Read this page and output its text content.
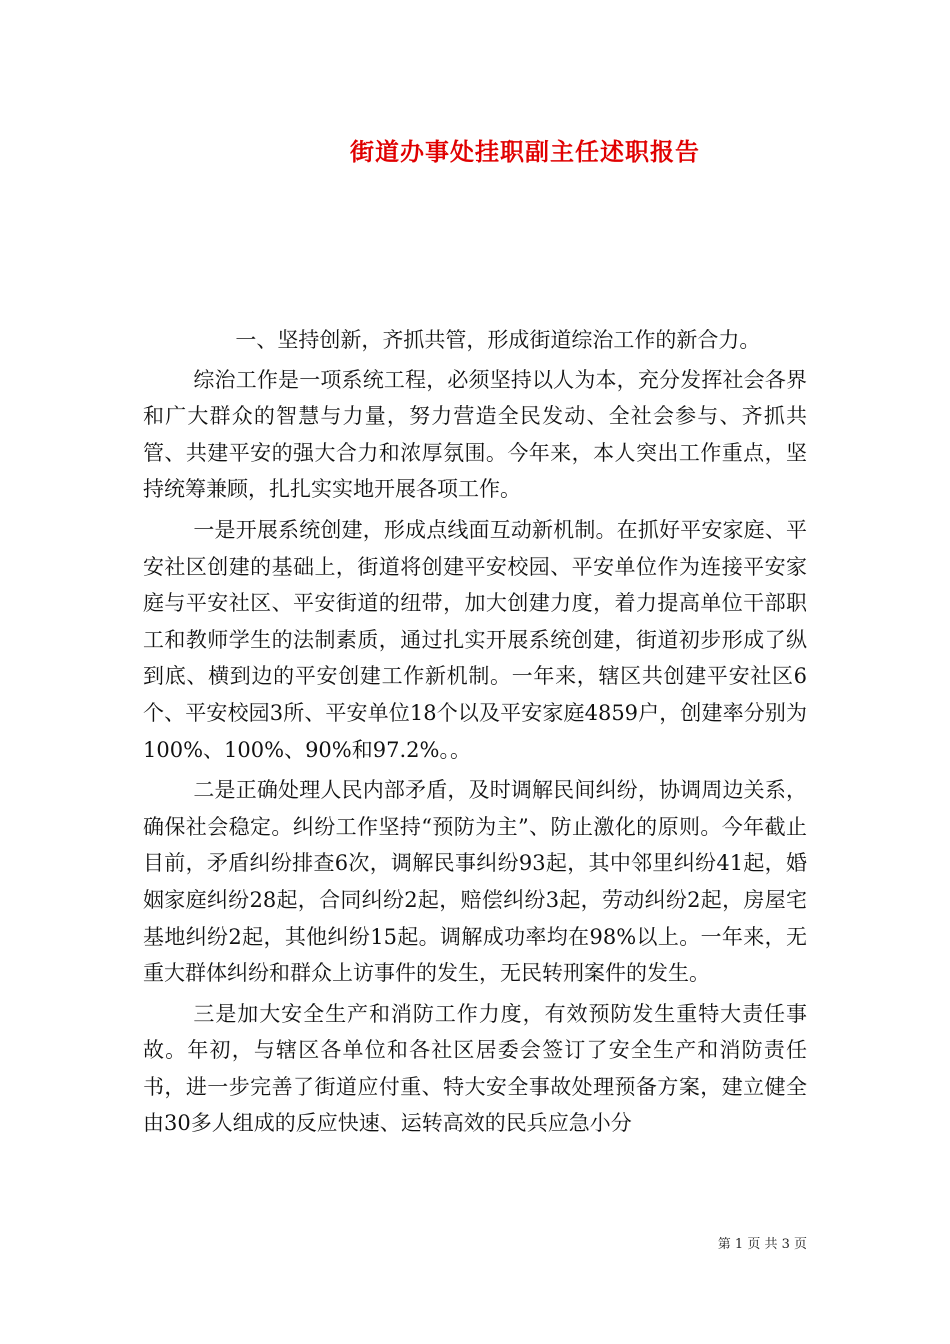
街道办事处挂职副主任述职报告

一、坚持创新，齐抓共管，形成街道综治工作的新合力。

综治工作是一项系统工程，必须坚持以人为本，充分发挥社会各界和广大群众的智慧与力量，努力营造全民发动、全社会参与、齐抓共管、共建平安的强大合力和浓厚氛围。今年来，本人突出工作重点，坚持统筹兼顾，扎扎实实地开展各项工作。

一是开展系统创建，形成点线面互动新机制。在抓好平安家庭、平安社区创建的基础上，街道将创建平安校园、平安单位作为连接平安家庭与平安社区、平安街道的纽带，加大创建力度，着力提高单位干部职工和教师学生的法制素质，通过扎实开展系统创建，街道初步形成了纵到底、横到边的平安创建工作新机制。一年来，辖区共创建平安社区6个、平安校园3所、平安单位18个以及平安家庭4859户，创建率分别为100%、100%、90%和97.2%。。

二是正确处理人民内部矛盾，及时调解民间纠纷，协调周边关系，确保社会稳定。纠纷工作坚持“预防为主”、防止激化的原则。今年截止目前，矛盾纠纷排查6次，调解民事纠纷93起，其中邻里纠纷41起，婚姻家庭纠纷28起，合同纠纷2起，赔偿纠纷3起，劳动纠纷2起，房屋宅基地纠纷2起，其他纠纷15起。调解成功率均在98%以上。一年来，无重大群体纠纷和群众上访事件的发生，无民转刑案件的发生。

三是加大安全生产和消防工作力度，有效预防发生重特大责任事故。年初，与辖区各单位和各社区居委会签订了安全生产和消防责任书，进一步完善了街道应付重、特大安全事故处理预备方案，建立健全由30多人组成的反应快速、运转高效的民兵应急小分

第 1 页 共 3 页
